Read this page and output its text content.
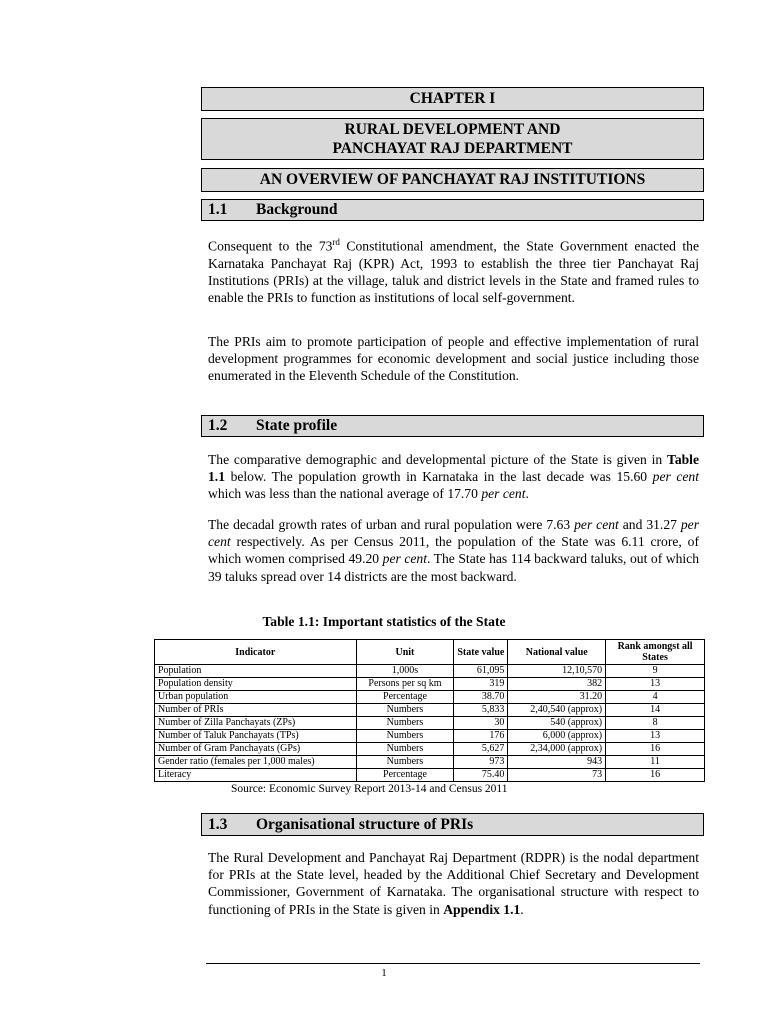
CHAPTER I
RURAL DEVELOPMENT AND PANCHAYAT RAJ DEPARTMENT
AN OVERVIEW OF PANCHAYAT RAJ INSTITUTIONS
1.1	Background

Consequent to the 73rd Constitutional amendment, the State Government enacted the Karnataka Panchayat Raj (KPR) Act, 1993 to establish the three tier Panchayat Raj Institutions (PRIs) at the village, taluk and district levels in the State and framed rules to enable the PRIs to function as institutions of local self-government.

The PRIs aim to promote participation of people and effective implementation of rural development programmes for economic development and social justice including those enumerated in the Eleventh Schedule of the Constitution.

1.2	State profile

The comparative demographic and developmental picture of the State is given in Table 1.1 below. The population growth in Karnataka in the last decade was 15.60 per cent which was less than the national average of 17.70 per cent.

The decadal growth rates of urban and rural population were 7.63 per cent and 31.27 per cent respectively. As per Census 2011, the population of the State was 6.11 crore, of which women comprised 49.20 per cent. The State has 114 backward taluks, out of which 39 taluks spread over 14 districts are the most backward.

Table 1.1: Important statistics of the State
Indicator	Unit	State value	National value	Rank amongst all States
Population	1,000s	61,095	12,10,570	9
Population density	Persons per sq km	319	382	13
Urban population	Percentage	38.70	31.20	4
Number of PRIs	Numbers	5,833	2,40,540 (approx)	14
Number of Zilla Panchayats (ZPs)	Numbers	30	540 (approx)	8
Number of Taluk Panchayats (TPs)	Numbers	176	6,000 (approx)	13
Number of Gram Panchayats (GPs)	Numbers	5,627	2,34,000 (approx)	16
Gender ratio (females per 1,000 males)	Numbers	973	943	11
Literacy	Percentage	75.40	73	16
Source: Economic Survey Report 2013-14 and Census 2011
1.3	Organisational structure of PRIs

The Rural Development and Panchayat Raj Department (RDPR) is the nodal department for PRIs at the State level, headed by the Additional Chief Secretary and Development Commissioner, Government of Karnataka. The organisational structure with respect to functioning of PRIs in the State is given in Appendix 1.1.

1
